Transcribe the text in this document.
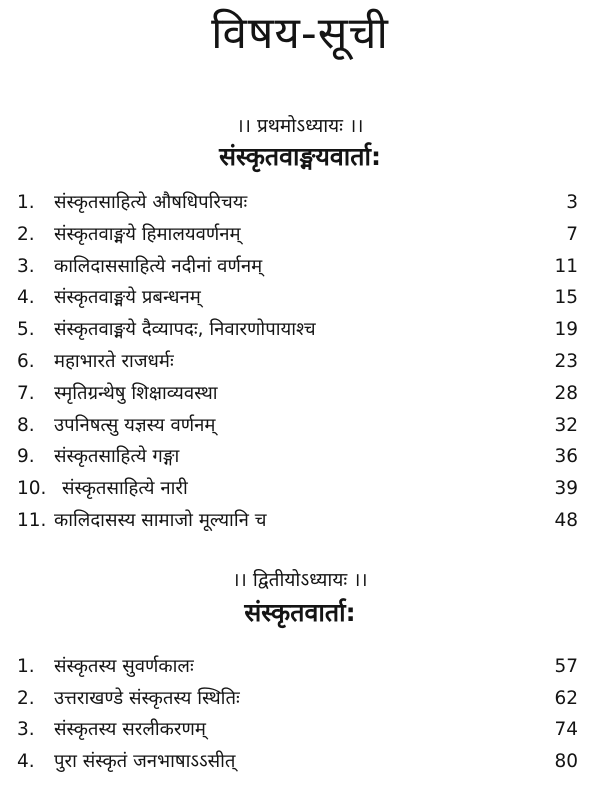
विषय-सूची
।। प्रथमोऽध्यायः ।।
संस्कृतवाङ्मयवार्ता:
1. संस्कृतसाहित्ये औषधिपरिचयः	3
2. संस्कृतवाङ्मये हिमालयवर्णनम्	7
3. कालिदाससाहित्ये नदीनां वर्णनम्	11
4. संस्कृतवाङ्मये प्रबन्धनम्	15
5. संस्कृतवाङ्मये दैव्यापदः, निवारणोपायाश्च	19
6. महाभारते राजधर्मः	23
7. स्मृतिग्रन्थेषु शिक्षाव्यवस्था	28
8. उपनिषत्सु यज्ञस्य वर्णनम्	32
9. संस्कृतसाहित्ये गङ्गा	36
10. संस्कृतसाहित्ये नारी	39
11. कालिदासस्य सामाजो मूल्यानि च	48
।। द्वितीयोऽध्यायः ।।
संस्कृतवार्ता:
1. संस्कृतस्य सुवर्णकालः	57
2. उत्तराखण्डे संस्कृतस्य स्थितिः	62
3. संस्कृतस्य सरलीकरणम्	74
4. पुरा संस्कृतं जनभाषाऽऽसीत्	80
